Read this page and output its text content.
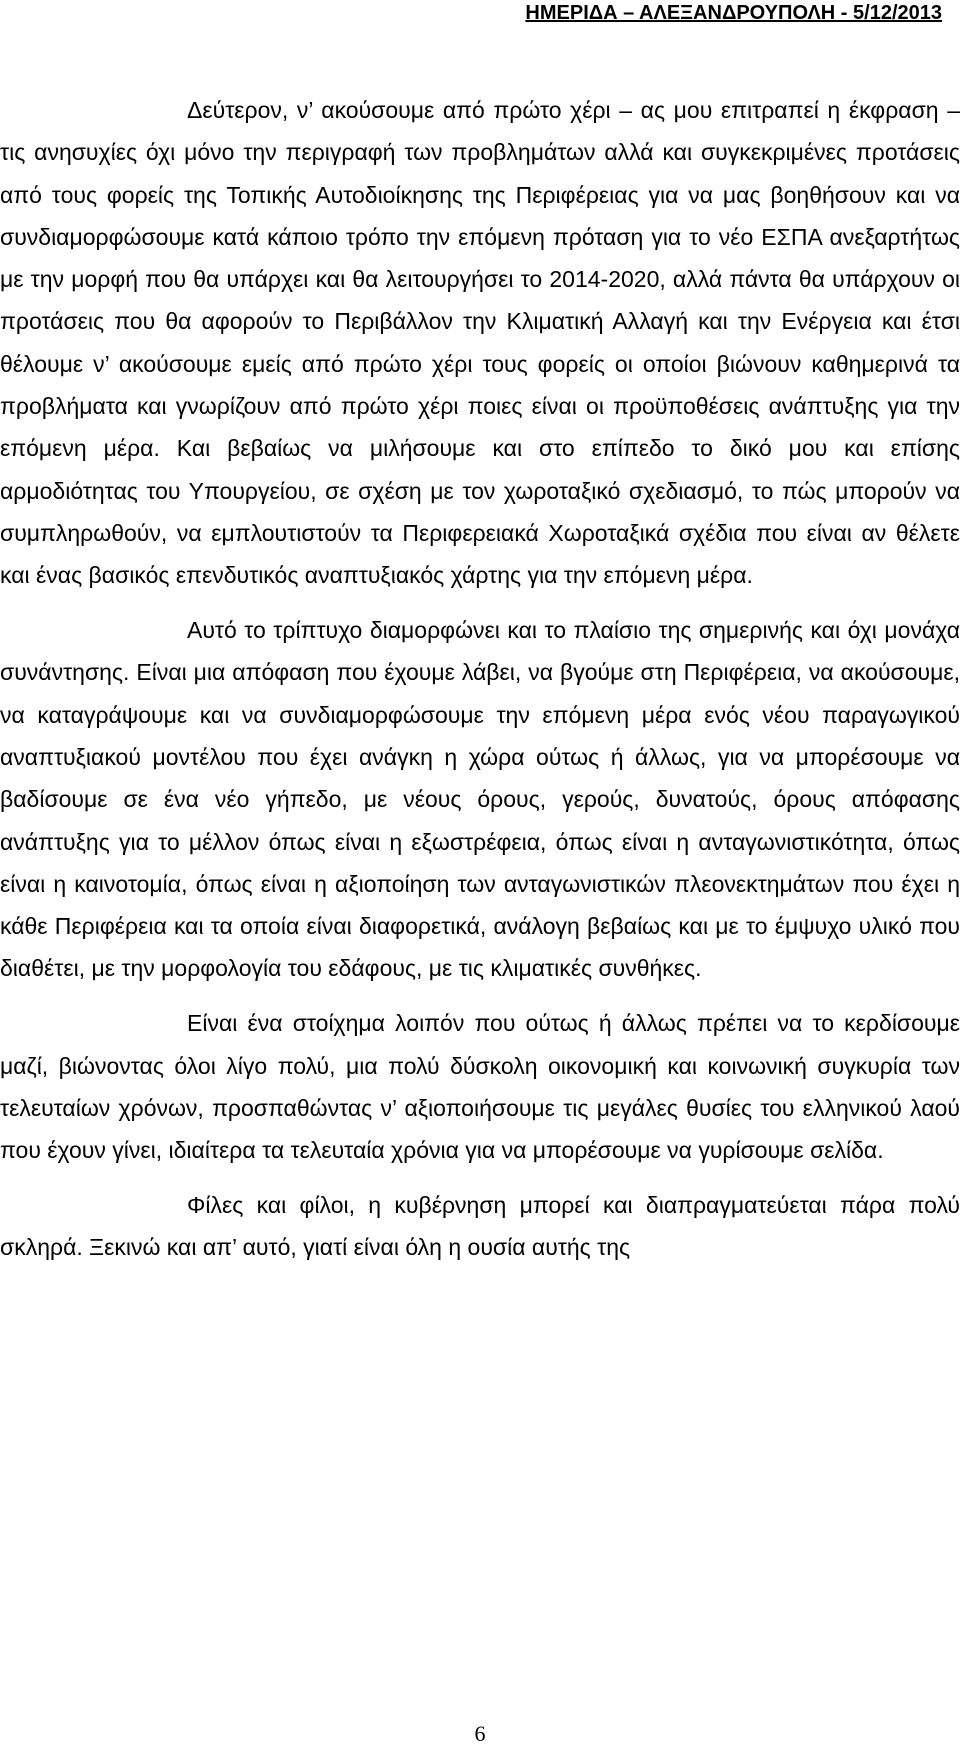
ΗΜΕΡΙΔΑ – ΑΛΕΞΑΝΔΡΟΥΠΟΛΗ - 5/12/2013

Δεύτερον, ν’ ακούσουμε από πρώτο χέρι – ας μου επιτραπεί η έκφραση – τις ανησυχίες όχι μόνο την περιγραφή των προβλημάτων αλλά και συγκεκριμένες προτάσεις από τους φορείς της Τοπικής Αυτοδιοίκησης της Περιφέρειας για να μας βοηθήσουν και να συνδιαμορφώσουμε κατά κάποιο τρόπο την επόμενη πρόταση για το νέο ΕΣΠΑ ανεξαρτήτως με την μορφή που θα υπάρχει και θα λειτουργήσει το 2014-2020, αλλά πάντα θα υπάρχουν οι προτάσεις που θα αφορούν το Περιβάλλον την Κλιματική Αλλαγή και την Ενέργεια και έτσι θέλουμε ν’ ακούσουμε εμείς από πρώτο χέρι τους φορείς οι οποίοι βιώνουν καθημερινά τα προβλήματα και γνωρίζουν από πρώτο χέρι ποιες είναι οι προϋποθέσεις ανάπτυξης για την επόμενη μέρα. Και βεβαίως να μιλήσουμε και στο επίπεδο το δικό μου και επίσης αρμοδιότητας του Υπουργείου, σε σχέση με τον χωροταξικό σχεδιασμό, το πώς μπορούν να συμπληρωθούν, να εμπλουτιστούν τα Περιφερειακά Χωροταξικά σχέδια που είναι αν θέλετε και ένας βασικός επενδυτικός αναπτυξιακός χάρτης για την επόμενη μέρα.

Αυτό το τρίπτυχο διαμορφώνει και το πλαίσιο της σημερινής και όχι μονάχα συνάντησης. Είναι μια απόφαση που έχουμε λάβει, να βγούμε στη Περιφέρεια, να ακούσουμε, να καταγράψουμε και να συνδιαμορφώσουμε την επόμενη μέρα ενός νέου παραγωγικού αναπτυξιακού μοντέλου που έχει ανάγκη η χώρα ούτως ή άλλως, για να μπορέσουμε να βαδίσουμε σε ένα νέο γήπεδο, με νέους όρους, γερούς, δυνατούς, όρους απόφασης ανάπτυξης για το μέλλον όπως είναι η εξωστρέφεια, όπως είναι η ανταγωνιστικότητα, όπως είναι η καινοτομία, όπως είναι η αξιοποίηση των ανταγωνιστικών πλεονεκτημάτων που έχει η κάθε Περιφέρεια και τα οποία είναι διαφορετικά, ανάλογη βεβαίως και με το έμψυχο υλικό που διαθέτει, με την μορφολογία του εδάφους, με τις κλιματικές συνθήκες.

Είναι ένα στοίχημα λοιπόν που ούτως ή άλλως πρέπει να το κερδίσουμε μαζί, βιώνοντας όλοι λίγο πολύ, μια πολύ δύσκολη οικονομική και κοινωνική συγκυρία των τελευταίων χρόνων, προσπαθώντας ν’ αξιοποιήσουμε τις μεγάλες θυσίες του ελληνικού λαού που έχουν γίνει, ιδιαίτερα τα τελευταία χρόνια για να μπορέσουμε να γυρίσουμε σελίδα.

Φίλες και φίλοι, η κυβέρνηση μπορεί και διαπραγματεύεται πάρα πολύ σκληρά. Ξεκινώ και απ’ αυτό, γιατί είναι όλη η ουσία αυτής της

6
